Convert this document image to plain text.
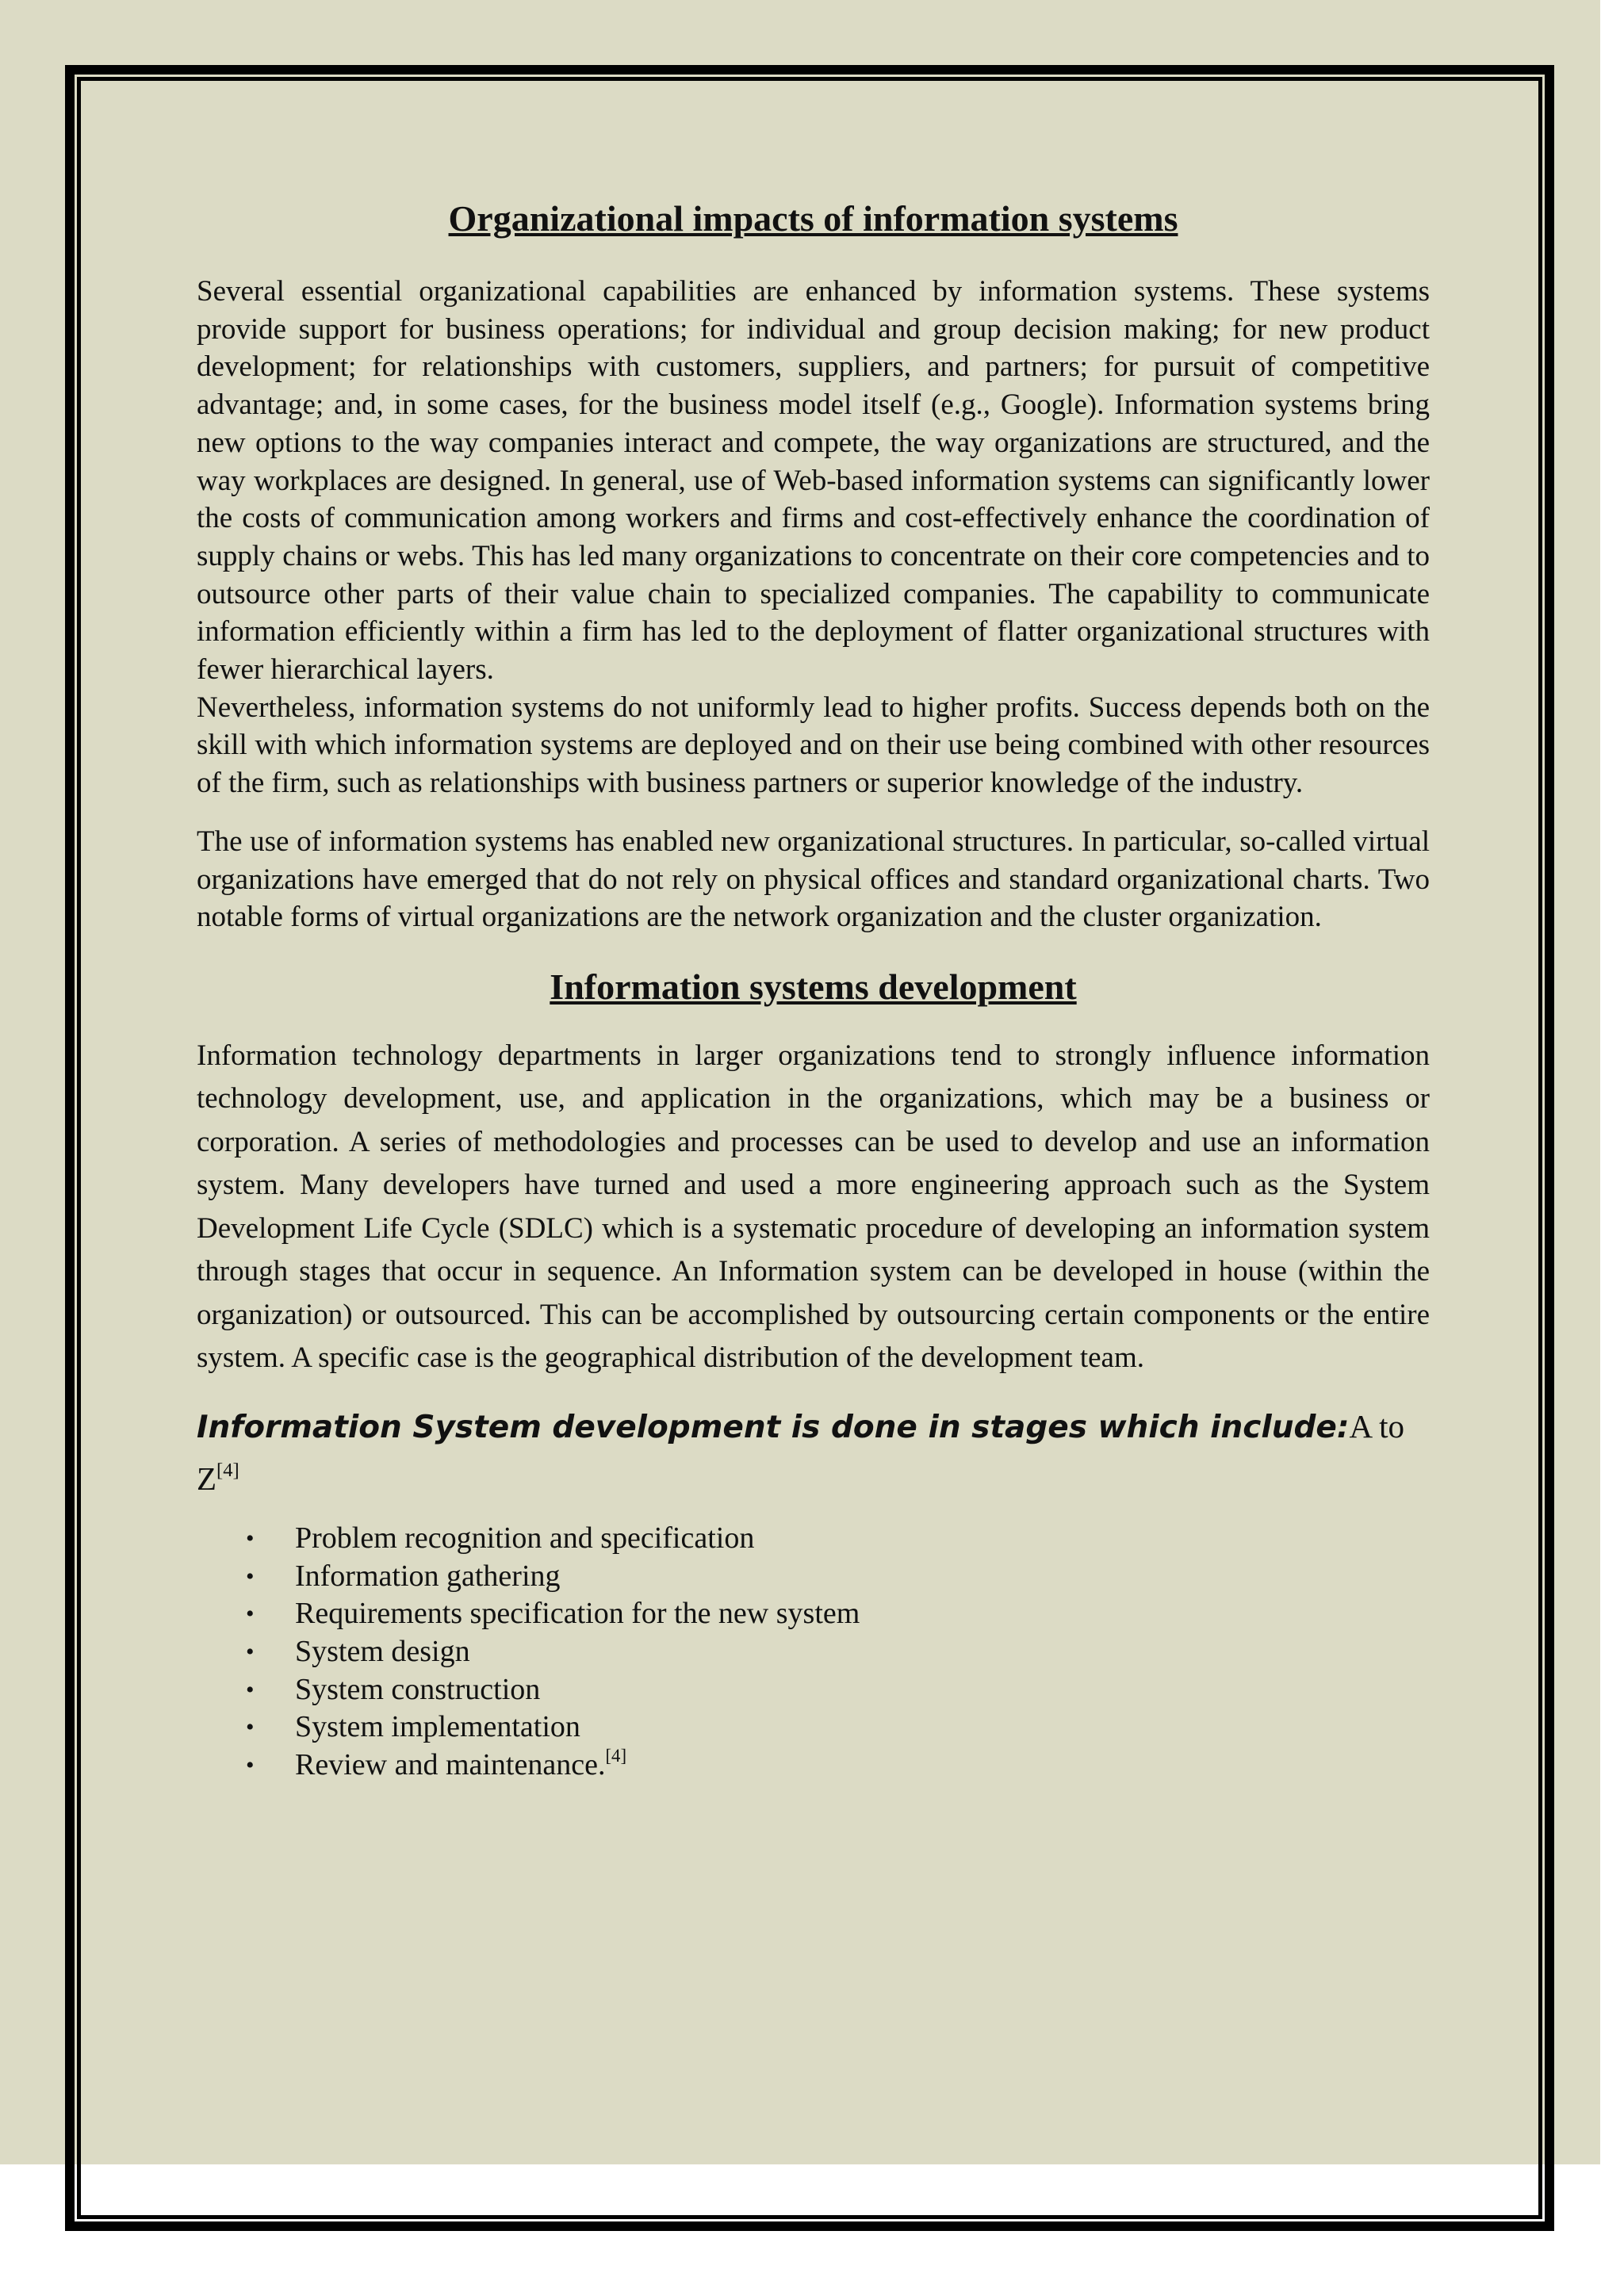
Organizational impacts of information systems

Several essential organizational capabilities are enhanced by information systems. These systems provide support for business operations; for individual and group decision making; for new product development; for relationships with customers, suppliers, and partners; for pursuit of competitive advantage; and, in some cases, for the business model itself (e.g., Google). Information systems bring new options to the way companies interact and compete, the way organizations are structured, and the way workplaces are designed. In general, use of Web-based information systems can significantly lower the costs of communication among workers and firms and cost-effectively enhance the coordination of supply chains or webs. This has led many organizations to concentrate on their core competencies and to outsource other parts of their value chain to specialized companies. The capability to communicate information efficiently within a firm has led to the deployment of flatter organizational structures with fewer hierarchical layers.

Nevertheless, information systems do not uniformly lead to higher profits. Success depends both on the skill with which information systems are deployed and on their use being combined with other resources of the firm, such as relationships with business partners or superior knowledge of the industry.

The use of information systems has enabled new organizational structures. In particular, so-called virtual organizations have emerged that do not rely on physical offices and standard organizational charts. Two notable forms of virtual organizations are the network organization and the cluster organization.

Information systems development

Information technology departments in larger organizations tend to strongly influence information technology development, use, and application in the organizations, which may be a business or corporation. A series of methodologies and processes can be used to develop and use an information system. Many developers have turned and used a more engineering approach such as the System Development Life Cycle (SDLC) which is a systematic procedure of developing an information system through stages that occur in sequence. An Information system can be developed in house (within the organization) or outsourced. This can be accomplished by outsourcing certain components or the entire system. A specific case is the geographical distribution of the development team.

Information System development is done in stages which include:A to Z[4]
• Problem recognition and specification
• Information gathering
• Requirements specification for the new system
• System design
• System construction
• System implementation
• Review and maintenance.[4]
